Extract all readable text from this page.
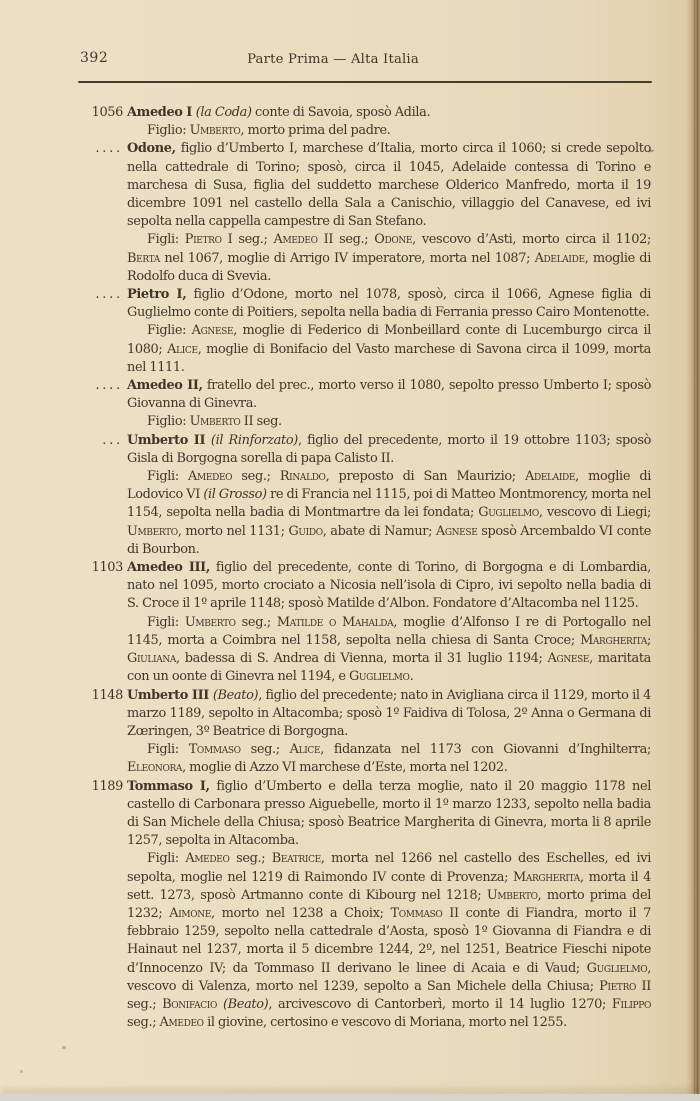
392	Parte Prima — Alta Italia
1056 Amedeo I (la Coda) conte di Savoia, sposò Adila.

Figlio: Umberto, morto prima del padre.

.... Odone, figlio d’Umberto I, marchese d’Italia, morto circa il 1060; si crede sepolto nella cattedrale di Torino; sposò, circa il 1045, Adelaide contessa di Torino e marchesa di Susa, figlia del suddetto marchese Olderico Manfredo, morta il 19 dicembre 1091 nel castello della Sala a Canischio, villaggio del Canavese, ed ivi sepolta nella cappella campestre di San Stefano.

Figli: Pietro I seg.; Amedeo II seg.; Odone, vescovo d’Asti, morto circa il 1102; Berta nel 1067, moglie di Arrigo IV imperatore, morta nel 1087; Adelaide, moglie di Rodolfo duca di Svevia.

.... Pietro I, figlio d’Odone, morto nel 1078, sposò, circa il 1066, Agnese figlia di Guglielmo conte di Poitiers, sepolta nella badia di Ferrania presso Cairo Montenotte.

Figlie: Agnese, moglie di Federico di Monbeillard conte di Lucemburgo circa il 1080; Alice, moglie di Bonifacio del Vasto marchese di Savona circa il 1099, morta nel 1111.

.... Amedeo II, fratello del prec., morto verso il 1080, sepolto presso Umberto I; sposò Giovanna di Ginevra.

Figlio: Umberto II seg.

... Umberto II (il Rinforzato), figlio del precedente, morto il 19 ottobre 1103; sposò Gisla di Borgogna sorella di papa Calisto II.

Figli: Amedeo seg.; Rinaldo, preposto di San Maurizio; Adelaide, moglie di Lodovico VI (il Grosso) re di Francia nel 1115, poi di Matteo Montmorency, morta nel 1154, sepolta nella badia di Montmartre da lei fondata; Guglielmo, vescovo di Liegi; Umberto, morto nel 1131; Guido, abate di Namur; Agnese sposò Arcembaldo VI conte di Bourbon.

1103 Amedeo III, figlio del precedente, conte di Torino, di Borgogna e di Lombardia, nato nel 1095, morto crociato a Nicosia nell’isola di Cipro, ivi sepolto nella badia di S. Croce il 1º aprile 1148; sposò Matilde d’Albon. Fondatore d’Altacomba nel 1125.

Figli: Umberto seg.; Matilde o Mahalda, moglie d’Alfonso I re di Portogallo nel 1145, morta a Coimbra nel 1158, sepolta nella chiesa di Santa Croce; Margherita; Giuliana, badessa di S. Andrea di Vienna, morta il 31 luglio 1194; Agnese, maritata con un oonte di Ginevra nel 1194, e Guglielmo.

1148 Umberto III (Beato), figlio del precedente; nato in Avigliana circa il 1129, morto il 4 marzo 1189, sepolto in Altacomba; sposò 1º Faidiva di Tolosa, 2º Anna o Germana di Zœringen, 3º Beatrice di Borgogna.

Figli: Tommaso seg.; Alice, fidanzata nel 1173 con Giovanni d’Inghilterra; Eleonora, moglie di Azzo VI marchese d’Este, morta nel 1202.

1189 Tommaso I, figlio d’Umberto e della terza moglie, nato il 20 maggio 1178 nel castello di Carbonara presso Aiguebelle, morto il 1º marzo 1233, sepolto nella badia di San Michele della Chiusa; sposò Beatrice Margherita di Ginevra, morta li 8 aprile 1257, sepolta in Altacomba.

Figli: Amedeo seg.; Beatrice, morta nel 1266 nel castello des Eschelles, ed ivi sepolta, moglie nel 1219 di Raimondo IV conte di Provenza; Margherita, morta il 4 sett. 1273, sposò Artmanno conte di Kibourg nel 1218; Umberto, morto prima del 1232; Aimone, morto nel 1238 a Choix; Tommaso II conte di Fiandra, morto il 7 febbraio 1259, sepolto nella cattedrale d’Aosta, sposò 1º Giovanna di Fiandra e di Hainaut nel 1237, morta il 5 dicembre 1244, 2º, nel 1251, Beatrice Fieschi nipote d’Innocenzo IV; da Tommaso II derivano le linee di Acaia e di Vaud; Guglielmo, vescovo di Valenza, morto nel 1239, sepolto a San Michele della Chiusa; Pietro II seg.; Bonifacio (Beato), arcivescovo di Cantorberì, morto il 14 luglio 1270; Filippo seg.; Amedeo il giovine, certosino e vescovo di Moriana, morto nel 1255.
